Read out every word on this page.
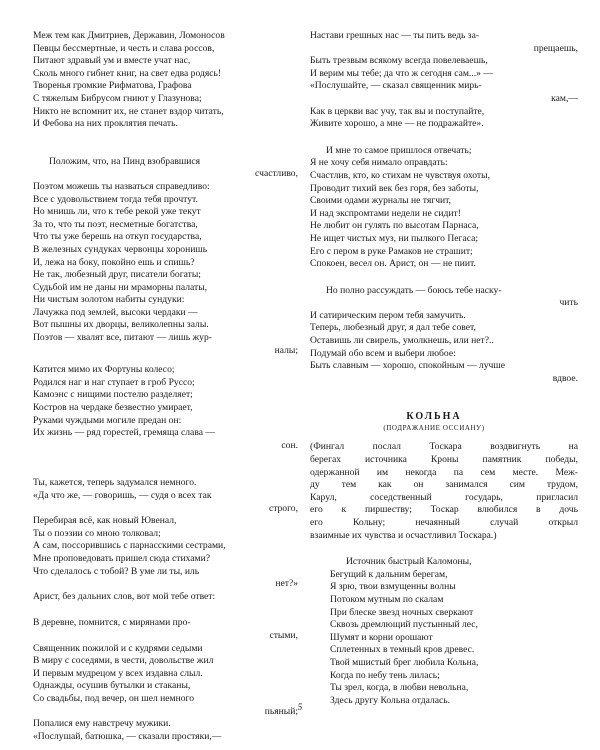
Меж тем как Дмитриев, Державин, Ломоносов
Певцы бессмертные, и честь и слава россов,
Питают здравый ум и вместе учат нас,
Сколь много гибнет книг, на свет едва родясь!
Творенья громкие Рифматова, Графова
С тяжелым Бибрусом гниют у Глазунова;
Никто не вспомнит их, не станет вздор читать,
И Фебова на них проклятия печать.
Положим, что, на Пинд взобравшися
счастливо,
Поэтом можешь ты назваться справедливо:
Все с удовольствием тогда тебя прочтут.
Но мнишь ли, что к тебе рекой уже текут
За то, что ты поэт, несметные богатства,
Что ты уже берешь на откуп государства,
В железных сундуках червонцы хоронишь
И, лежа на боку, покойно ешь и спишь?
Не так, любезный друг, писатели богаты;
Судьбой им не даны ни мраморны палаты,
Ни чистым золотом набиты сундуки:
Лачужка под землей, высоки чердаки —
Вот пышны их дворцы, великолепны залы.
Поэтов — хвалят все, питают — лишь жур-
налы;
Катится мимо их Фортуны колесо;
Родился наг и наг ступает в гроб Руссо;
Камоэнс с нищими постелю разделяет;
Костров на чердаке безвестно умирает,
Руками чуждыми могиле предан он:
Их жизнь — ряд горестей, гремяща слава —
сон.
Ты, кажется, теперь задумался немного.
«Да что же, — говоришь, — судя о всех так
строго,
Перебирая всё, как новый Ювенал,
Ты о поэзии со мною толковал;
А сам, поссорившись с парнасскими сестрами,
Мне проповедовать пришел сюда стихами?
Что сделалось с тобой? В уме ли ты, иль
нет?»
Арист, без дальних слов, вот мой тебе ответ:
В деревне, помнится, с мирянами про-
стыми,
Священник пожилой и с кудрями седыми
В миру с соседями, в чести, довольстве жил
И первым мудрецом у всех издавна слыл.
Однажды, осушив бутылки и стаканы,
Со свадьбы, под вечер, он шел немного
пьяный;
Попалися ему навстречу мужики.
«Послушай, батюшка, — сказали простяки,—
Настави грешных нас — ты пить ведь за-
прещаешь,
Быть трезвым всякому всегда повелеваешь,
И верим мы тебе; да что ж сегодня сам...» —
«Послушайте, — сказал священник мирь-
кам,—
Как в церкви вас учу, так вы и поступайте,
Живите хорошо, а мне — не подражайте».
И мне то самое пришлося отвечать;
Я не хочу себя нимало оправдать:
Счастлив, кто, ко стихам не чувствуя охоты,
Проводит тихий век без горя, без заботы,
Своими одами журналы не тягчит,
И над экспромтами недели не сидит!
Не любит он гулять по высотам Парнаса,
Не ищет чистых муз, ни пылкого Пегаса;
Его с пером в руке Рамаков не страшит;
Спокоен, весел он. Арист, он — не пиит.
Но полно рассуждать — боюсь тебе наску-
чить
И сатирическим пером тебя замучить.
Теперь, любезный друг, я дал тебе совет,
Оставишь ли свирель, умолкнешь, или нет?..
Подумай обо всем и выбери любое:
Быть славным — хорошо, спокойным — лучше
вдвое.
КОЛЬНА
(ПОДРАЖАНИЕ ОССИАНУ)
(Фингал послал Тоскара воздвигнуть на
берегах источника Кроны памятник победы,
одержанной им некогда па сем месте. Меж-
ду тем как он занимался сим трудом,
Карул, соседственный государь, пригласил
его к пиршеству; Тоскар влюбился в дочь
его Кольну; нечаянный случай открыл
взаимные их чувства и осчастливил Тоскара.)
Источник быстрый Каломоны,
Бегущий к дальним берегам,
Я зрю, твои взмущенны волны
Потоком мутным по скалам
При блеске звезд ночных сверкают
Сквозь дремлющий пустынный лес,
Шумят и корни орошают
Сплетенных в темный кров древес.
Твой мшистый брег любила Кольна,
Когда по небу тень лилась;
Ты зрел, когда, в любви невольна,
Здесь другу Кольна отдалась.
5
